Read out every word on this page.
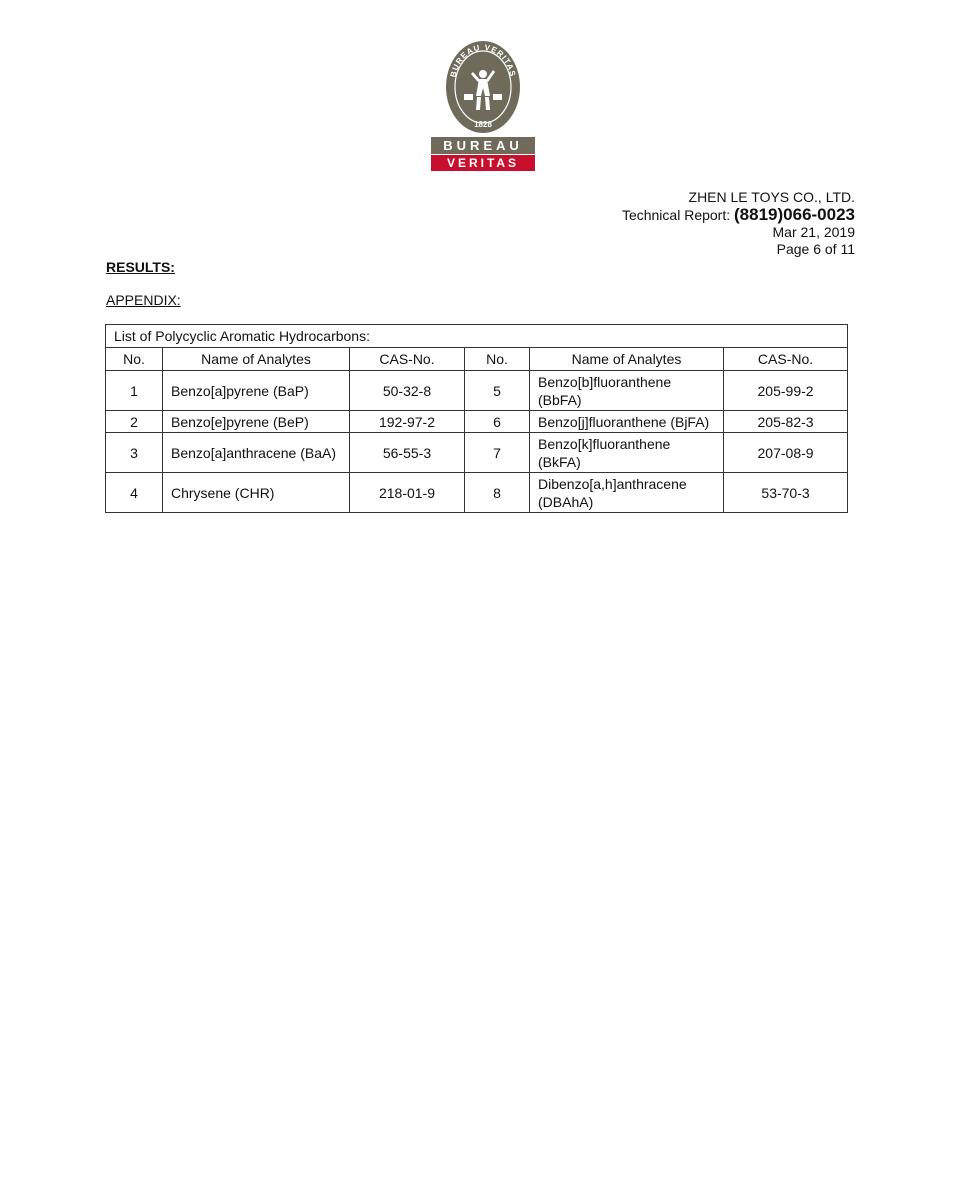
BUREAU VERITAS
1828
BUREAU
VERITAS
ZHEN LE TOYS CO., LTD.
Technical Report: (8819)066-0023
Mar 21, 2019
Page 6 of 11
RESULTS:
APPENDIX:
List of Polycyclic Aromatic Hydrocarbons:					
No.	Name of Analytes	CAS-No.	No.	Name of Analytes	CAS-No.
1	Benzo[a]pyrene (BaP)	50-32-8	5	Benzo[b]fluoranthene (BbFA)	205-99-2
2	Benzo[e]pyrene (BeP)	192-97-2	6	Benzo[j]fluoranthene (BjFA)	205-82-3
3	Benzo[a]anthracene (BaA)	56-55-3	7	Benzo[k]fluoranthene (BkFA)	207-08-9
4	Chrysene (CHR)	218-01-9	8	Dibenzo[a,h]anthracene (DBAhA)	53-70-3
